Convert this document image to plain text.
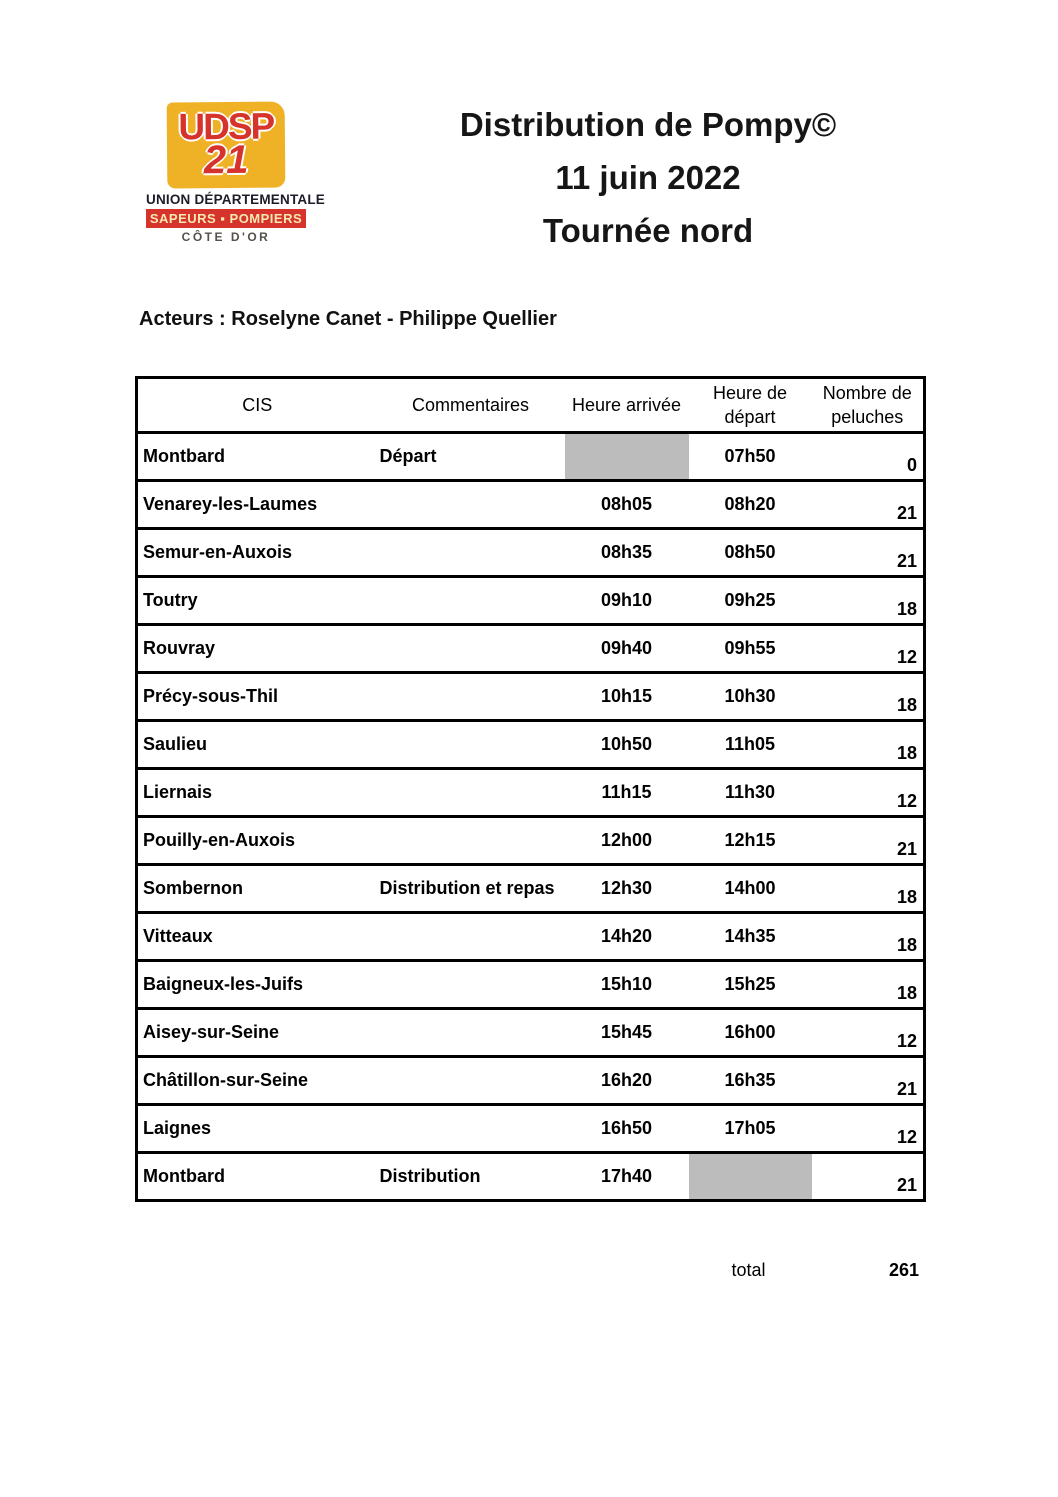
UDSP
21
UNION DÉPARTEMENTALE
SAPEURS ▪ POMPIERS
CÔTE D'OR
Distribution de Pompy©
11 juin 2022
Tournée nord
Acteurs : Roselyne Canet - Philippe Quellier
CIS	Commentaires	Heure arrivée	Heure de départ	Nombre de peluches
Montbard	Départ		07h50	0
Venarey-les-Laumes		08h05	08h20	21
Semur-en-Auxois		08h35	08h50	21
Toutry		09h10	09h25	18
Rouvray		09h40	09h55	12
Précy-sous-Thil		10h15	10h30	18
Saulieu		10h50	11h05	18
Liernais		11h15	11h30	12
Pouilly-en-Auxois		12h00	12h15	21
Sombernon	Distribution et repas	12h30	14h00	18
Vitteaux		14h20	14h35	18
Baigneux-les-Juifs		15h10	15h25	18
Aisey-sur-Seine		15h45	16h00	12
Châtillon-sur-Seine		16h20	16h35	21
Laignes		16h50	17h05	12
Montbard	Distribution	17h40		21
total	261
